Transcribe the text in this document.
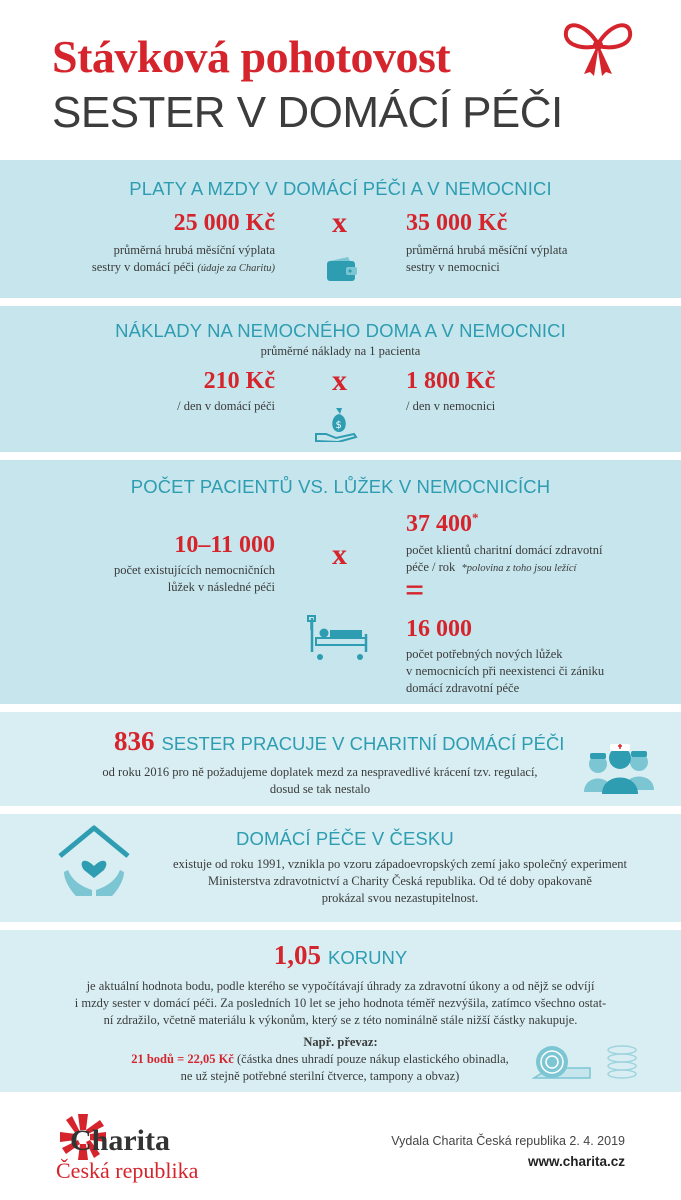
Stávková pohotovost
SESTER V DOMÁCÍ PÉČI
PLATY A MZDY V DOMÁCÍ PÉČI A V NEMOCNICI
25 000 Kč
průměrná hrubá měsíční výplata
sestry v domácí péči (údaje za Charitu)
x 35 000 Kč
průměrná hrubá měsíční výplata
sestry v nemocnici
NÁKLADY NA NEMOCNÉHO DOMA A V NEMOCNICI
průměrné náklady na 1 pacienta
210 Kč
/ den v domácí péči
x
$
1 800 Kč
/ den v nemocnici
POČET PACIENTŮ VS. LŮŽEK V NEMOCNICÍCH
10–11 000
počet existujících nemocničních
lůžek v následné péči
x
37 400*
počet klientů charitní domácí zdravotní
péče / rok *polovina z toho jsou ležící
=
16 000
počet potřebných nových lůžek
v nemocnicích při neexistenci či zániku
domácí zdravotní péče
836 SESTER PRACUJE V CHARITNÍ DOMÁCÍ PÉČI
od roku 2016 pro ně požadujeme doplatek mezd za nespravedlivé krácení tzv. regulací,
dosud se tak nestalo
DOMÁCÍ PÉČE V ČESKU
existuje od roku 1991, vznikla po vzoru západoevropských zemí jako společný experiment
Ministerstva zdravotnictví a Charity Česká republika. Od té doby opakovaně
prokázal svou nezastupitelnost.
1,05 KORUNY
je aktuální hodnota bodu, podle kterého se vypočítávají úhrady za zdravotní úkony a od nějž se odvíjí
i mzdy sester v domácí péči. Za posledních 10 let se jeho hodnota téměř nezvýšila, zatímco všechno ostat-
ní zdražilo, včetně materiálu k výkonům, který se z této nominálně stále nižší částky nakupuje.
Např. převaz:
21 bodů = 22,05 Kč (částka dnes uhradí pouze nákup elastického obinadla,
ne už stejně potřebné sterilní čtverce, tampony a obvaz)
Charita
Česká republika
Vydala Charita Česká republika 2. 4. 2019
www.charita.cz
